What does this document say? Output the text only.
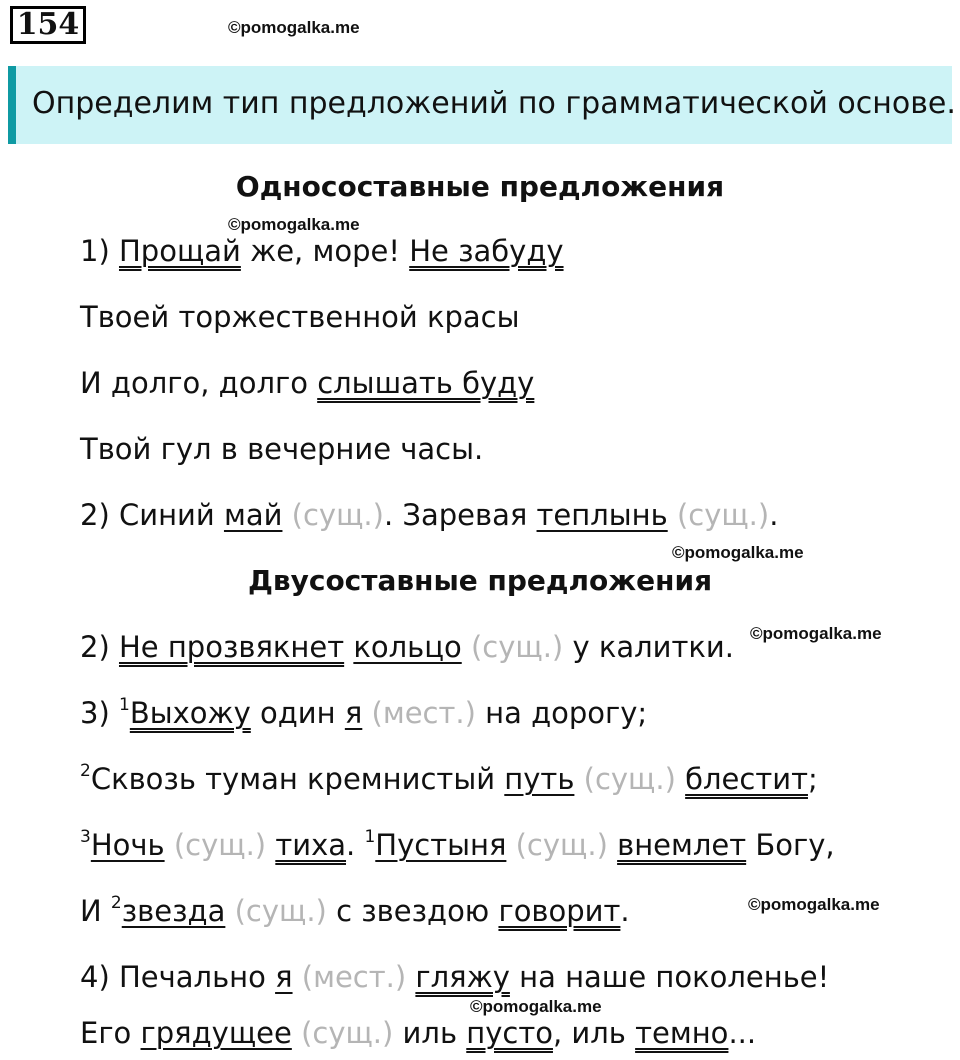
154	©pomogalka.me
Определим тип предложений по грамматической основе.
Односоставные предложения
©pomogalka.me
1) Прощай же, море! Не забуду
Твоей торжественной красы
И долго, долго слышать буду
Твой гул в вечерние часы.
2) Синий май (сущ.). Заревая теплынь (сущ.).
©pomogalka.me
Двусоставные предложения
2) Не прозвякнет кольцо (сущ.) у калитки. ©pomogalka.me
3) $^1$Выхожу один я (мест.) на дорогу;
$^2$Сквозь туман кремнистый путь (сущ.) блестит;
$^3$Ночь (сущ.) тиха. $^1$Пустыня (сущ.) внемлет Богу,
И $^2$звезда (сущ.) с звездою говорит.	©pomogalka.me
4) Печально я (мест.) гляжу на наше поколенье!
©pomogalka.me
Его грядущее (сущ.) иль пусто, иль темно...
